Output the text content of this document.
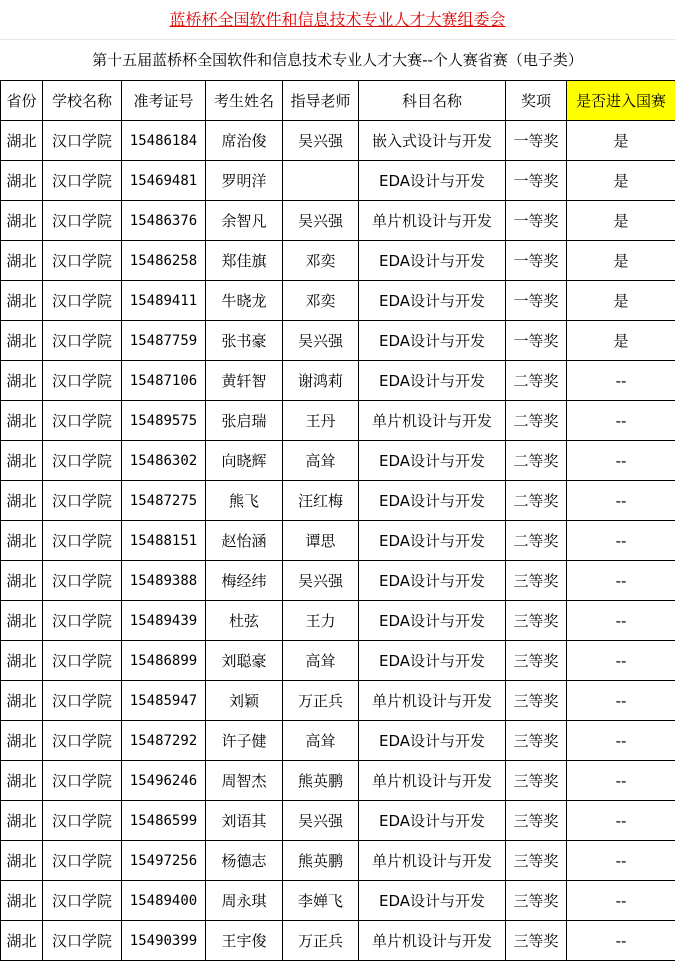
蓝桥杯全国软件和信息技术专业人才大赛组委会
第十五届蓝桥杯全国软件和信息技术专业人才大赛--个人赛省赛（电子类）
省份	学校名称	准考证号	考生姓名	指导老师	科目名称	奖项	是否进入国赛
湖北	汉口学院	15486184	席治俊	吴兴强	嵌入式设计与开发	一等奖	是
湖北	汉口学院	15469481	罗明洋		EDA设计与开发	一等奖	是
湖北	汉口学院	15486376	余智凡	吴兴强	单片机设计与开发	一等奖	是
湖北	汉口学院	15486258	郑佳旗	邓奕	EDA设计与开发	一等奖	是
湖北	汉口学院	15489411	牛晓龙	邓奕	EDA设计与开发	一等奖	是
湖北	汉口学院	15487759	张书豪	吴兴强	EDA设计与开发	一等奖	是
湖北	汉口学院	15487106	黄轩智	谢鸿莉	EDA设计与开发	二等奖	--
湖北	汉口学院	15489575	张启瑞	王丹	单片机设计与开发	二等奖	--
湖北	汉口学院	15486302	向晓辉	高耸	EDA设计与开发	二等奖	--
湖北	汉口学院	15487275	熊飞	汪红梅	EDA设计与开发	二等奖	--
湖北	汉口学院	15488151	赵怡涵	谭思	EDA设计与开发	二等奖	--
湖北	汉口学院	15489388	梅经纬	吴兴强	EDA设计与开发	三等奖	--
湖北	汉口学院	15489439	杜弦	王力	EDA设计与开发	三等奖	--
湖北	汉口学院	15486899	刘聪豪	高耸	EDA设计与开发	三等奖	--
湖北	汉口学院	15485947	刘颖	万正兵	单片机设计与开发	三等奖	--
湖北	汉口学院	15487292	许子健	高耸	EDA设计与开发	三等奖	--
湖北	汉口学院	15496246	周智杰	熊英鹏	单片机设计与开发	三等奖	--
湖北	汉口学院	15486599	刘语其	吴兴强	EDA设计与开发	三等奖	--
湖北	汉口学院	15497256	杨德志	熊英鹏	单片机设计与开发	三等奖	--
湖北	汉口学院	15489400	周永琪	李婵飞	EDA设计与开发	三等奖	--
湖北	汉口学院	15490399	王宇俊	万正兵	单片机设计与开发	三等奖	--
